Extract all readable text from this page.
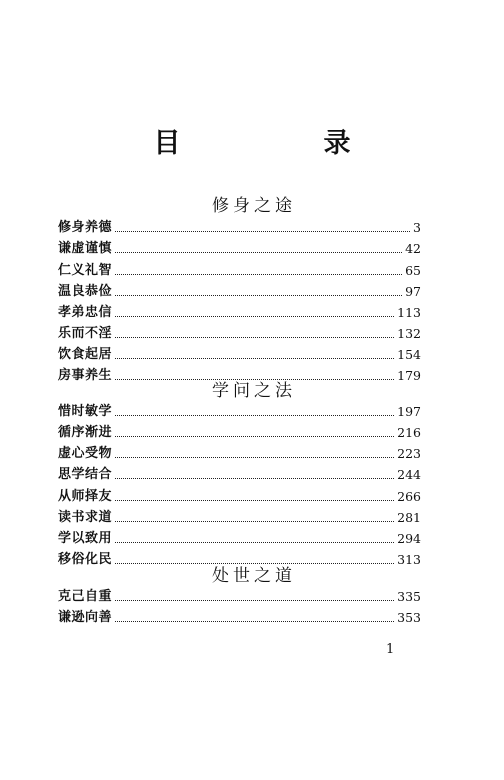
目　录
修身之途
修身养德	3
谦虚谨慎	42
仁义礼智	65
温良恭俭	97
孝弟忠信	113
乐而不淫	132
饮食起居	154
房事养生	179
学问之法
惜时敏学	197
循序渐进	216
虚心受物	223
思学结合	244
从师择友	266
读书求道	281
学以致用	294
移俗化民	313
处世之道
克己自重	335
谦逊向善	353
1
